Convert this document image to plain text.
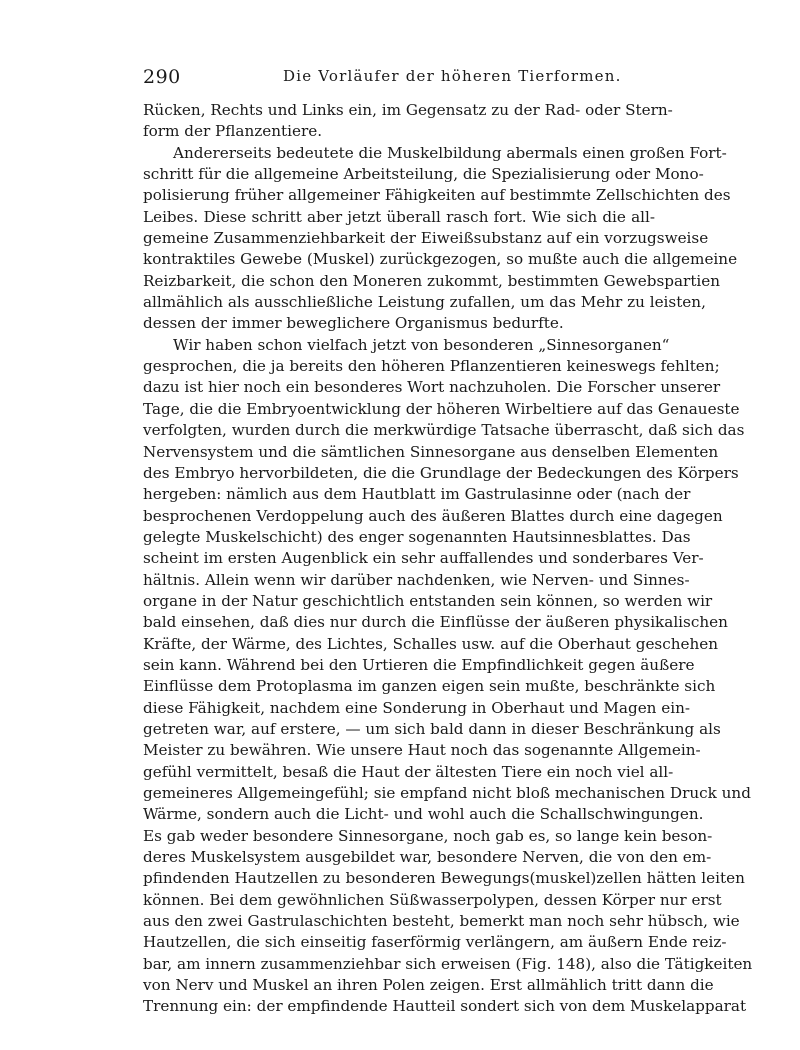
290	Die Vorläufer der höheren Tierformen.
Rücken, Rechts und Links ein, im Gegensatz zu der Rad- oder Stern-
form der Pflanzentiere.
Andererseits bedeutete die Muskelbildung abermals einen großen Fort-
schritt für die allgemeine Arbeitsteilung, die Spezialisierung oder Mono-
polisierung früher allgemeiner Fähigkeiten auf bestimmte Zellschichten des
Leibes. Diese schritt aber jetzt überall rasch fort. Wie sich die all-
gemeine Zusammenziehbarkeit der Eiweißsubstanz auf ein vorzugsweise
kontraktiles Gewebe (Muskel) zurückgezogen, so mußte auch die allgemeine
Reizbarkeit, die schon den Moneren zukommt, bestimmten Gewebspartien
allmählich als ausschließliche Leistung zufallen, um das Mehr zu leisten,
dessen der immer beweglichere Organismus bedurfte.
Wir haben schon vielfach jetzt von besonderen „Sinnesorganen“
gesprochen, die ja bereits den höheren Pflanzentieren keineswegs fehlten;
dazu ist hier noch ein besonderes Wort nachzuholen. Die Forscher unserer
Tage, die die Embryoentwicklung der höheren Wirbeltiere auf das Genaueste
verfolgten, wurden durch die merkwürdige Tatsache überrascht, daß sich das
Nervensystem und die sämtlichen Sinnesorgane aus denselben Elementen
des Embryo hervorbildeten, die die Grundlage der Bedeckungen des Körpers
hergeben: nämlich aus dem Hautblatt im Gastrulasinne oder (nach der
besprochenen Verdoppelung auch des äußeren Blattes durch eine dagegen
gelegte Muskelschicht) des enger sogenannten Hautsinnesblattes. Das
scheint im ersten Augenblick ein sehr auffallendes und sonderbares Ver-
hältnis. Allein wenn wir darüber nachdenken, wie Nerven- und Sinnes-
organe in der Natur geschichtlich entstanden sein können, so werden wir
bald einsehen, daß dies nur durch die Einflüsse der äußeren physikalischen
Kräfte, der Wärme, des Lichtes, Schalles usw. auf die Oberhaut geschehen
sein kann. Während bei den Urtieren die Empfindlichkeit gegen äußere
Einflüsse dem Protoplasma im ganzen eigen sein mußte, beschränkte sich
diese Fähigkeit, nachdem eine Sonderung in Oberhaut und Magen ein-
getreten war, auf erstere, — um sich bald dann in dieser Beschränkung als
Meister zu bewähren. Wie unsere Haut noch das sogenannte Allgemein-
gefühl vermittelt, besaß die Haut der ältesten Tiere ein noch viel all-
gemeineres Allgemeingefühl; sie empfand nicht bloß mechanischen Druck und
Wärme, sondern auch die Licht- und wohl auch die Schallschwingungen.
Es gab weder besondere Sinnesorgane, noch gab es, so lange kein beson-
deres Muskelsystem ausgebildet war, besondere Nerven, die von den em-
pfindenden Hautzellen zu besonderen Bewegungs(muskel)zellen hätten leiten
können. Bei dem gewöhnlichen Süßwasserpolypen, dessen Körper nur erst
aus den zwei Gastrulaschichten besteht, bemerkt man noch sehr hübsch, wie
Hautzellen, die sich einseitig faserförmig verlängern, am äußern Ende reiz-
bar, am innern zusammenziehbar sich erweisen (Fig. 148), also die Tätigkeiten
von Nerv und Muskel an ihren Polen zeigen. Erst allmählich tritt dann die
Trennung ein: der empfindende Hautteil sondert sich von dem Muskelapparat
